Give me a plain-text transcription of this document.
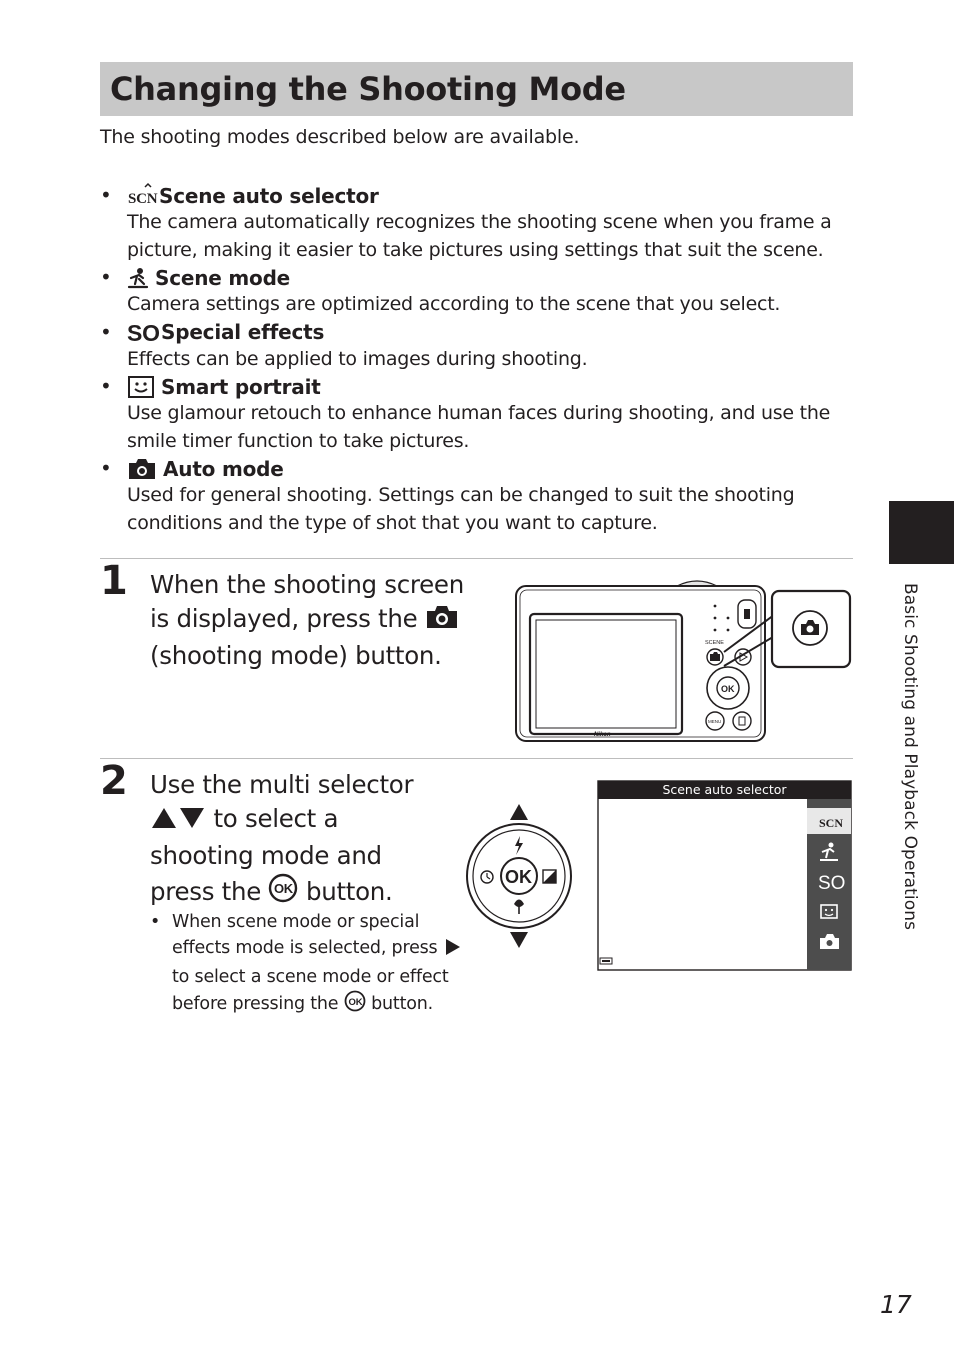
Changing the Shooting Mode
The shooting modes described below are available.
• SCN Scene auto selector
The camera automatically recognizes the shooting scene when you frame a picture, making it easier to take pictures using settings that suit the scene.
• Scene mode
Camera settings are optimized according to the scene that you select.
• SO Special effects
Effects can be applied to images during shooting.
• Smart portrait
Use glamour retouch to enhance human faces during shooting, and use the smile timer function to take pictures.
•	Auto mode
Used for general shooting. Settings can be changed to suit the shooting conditions and the type of shot that you want to capture.
1 When the shooting screen
is displayed, press the
(shooting mode) button.
Nikon
SCENE
OK
MENU
2 Use the multi selector
to select a
shooting mode and
press the OK button.
• When scene mode or special effects mode is selected, press  to select a scene mode or effect before pressing the OK button.
OK
SCN
SO
Scene auto selector	Basic Shooting and Playback Operations
17
